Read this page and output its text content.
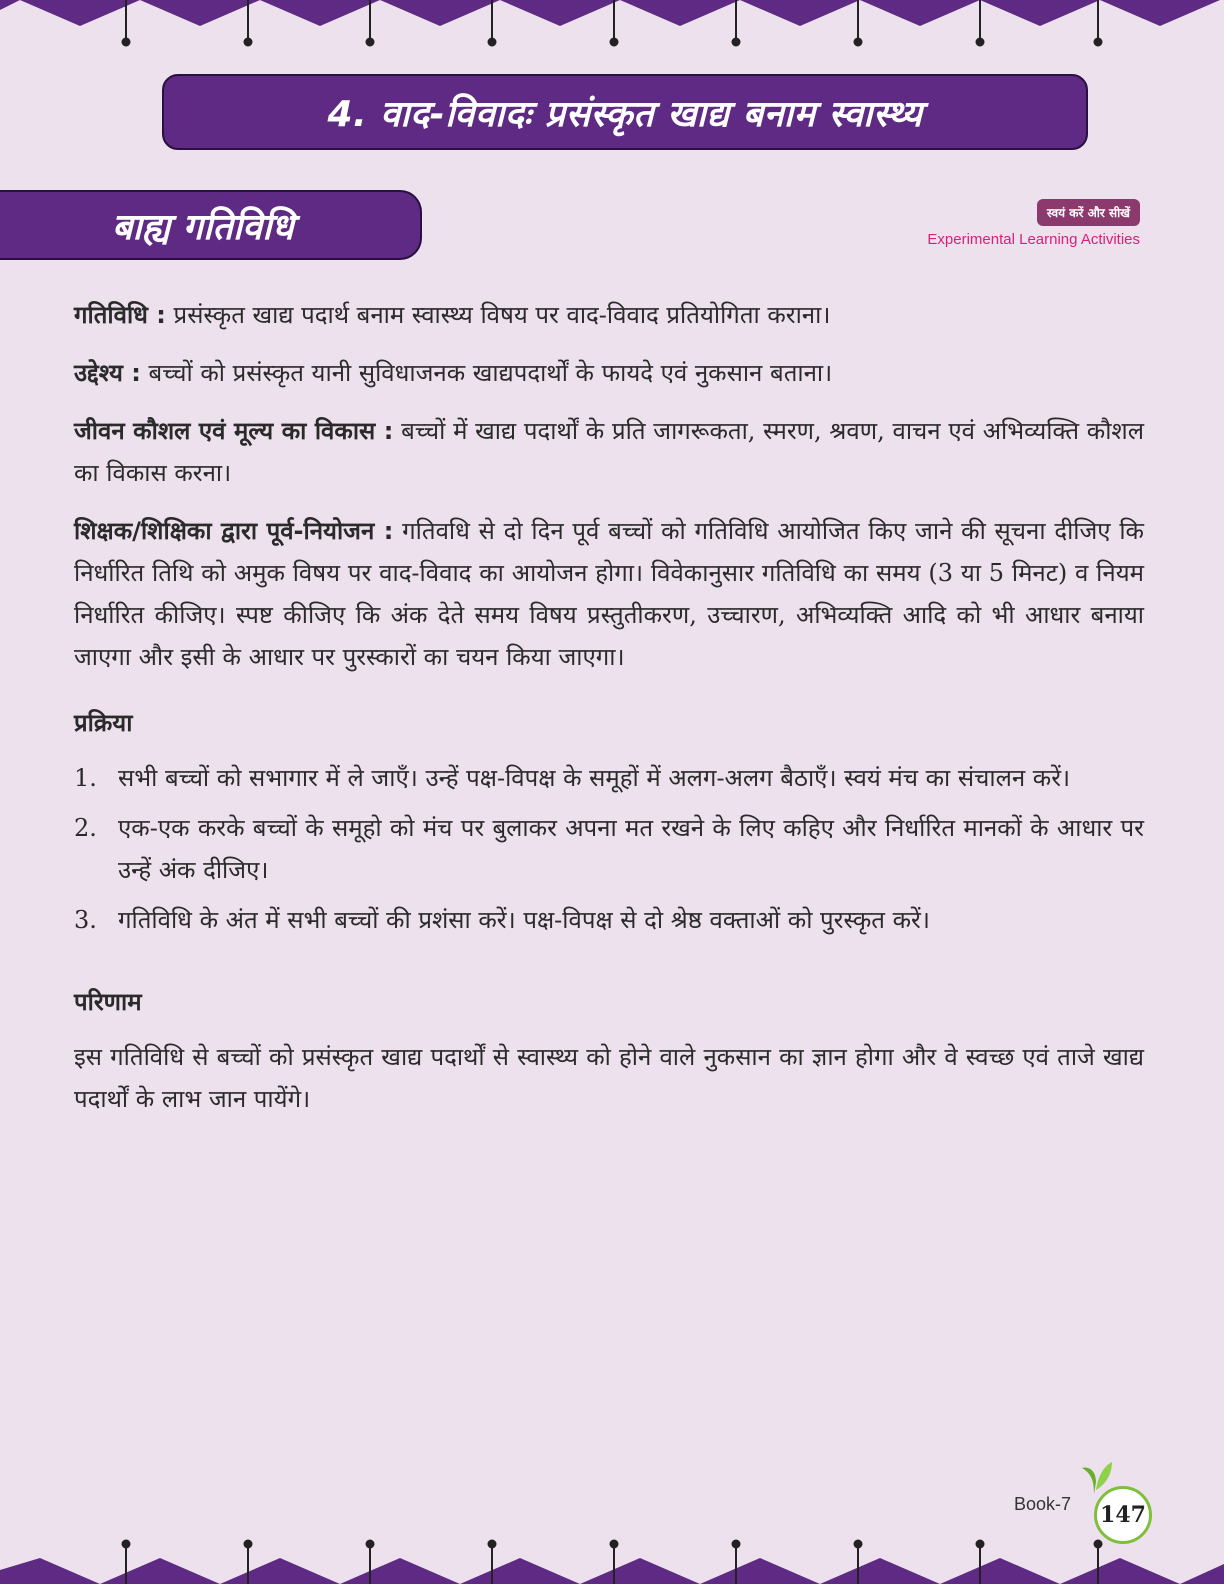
4. वाद-विवादः प्रसंस्कृत खाद्य बनाम स्वास्थ्य
बाह्य गतिविधि	स्वयं करें और सीखें
Experimental Learning Activities

गतिविधि : प्रसंस्कृत खाद्य पदार्थ बनाम स्वास्थ्य विषय पर वाद-विवाद प्रतियोगिता कराना।

उद्देश्य : बच्चों को प्रसंस्कृत यानी सुविधाजनक खाद्यपदार्थों के फायदे एवं नुकसान बताना।

जीवन कौशल एवं मूल्य का विकास : बच्चों में खाद्य पदार्थों के प्रति जागरूकता, स्मरण, श्रवण, वाचन एवं अभिव्यक्ति कौशल का विकास करना।

शिक्षक/शिक्षिका द्वारा पूर्व-नियोजन : गतिवधि से दो दिन पूर्व बच्चों को गतिविधि आयोजित किए जाने की सूचना दीजिए कि निर्धारित तिथि को अमुक विषय पर वाद-विवाद का आयोजन होगा। विवेकानुसार गतिविधि का समय (3 या 5 मिनट) व नियम निर्धारित कीजिए। स्पष्ट कीजिए कि अंक देते समय विषय प्रस्तुतीकरण, उच्चारण, अभिव्यक्ति आदि को भी आधार बनाया जाएगा और इसी के आधार पर पुरस्कारों का चयन किया जाएगा।

प्रक्रिया
1. सभी बच्चों को सभागार में ले जाएँ। उन्हें पक्ष-विपक्ष के समूहों में अलग-अलग बैठाएँ। स्वयं मंच का संचालन करें।
2. एक-एक करके बच्चों के समूहो को मंच पर बुलाकर अपना मत रखने के लिए कहिए और निर्धारित मानकों के आधार पर उन्हें अंक दीजिए।
3. गतिविधि के अंत में सभी बच्चों की प्रशंसा करें। पक्ष-विपक्ष से दो श्रेष्ठ वक्ताओं को पुरस्कृत करें।
परिणाम

इस गतिविधि से बच्चों को प्रसंस्कृत खाद्य पदार्थों से स्वास्थ्य को होने वाले नुकसान का ज्ञान होगा और वे स्वच्छ एवं ताजे खाद्य पदार्थों के लाभ जान पायेंगे।

Book-7 147
